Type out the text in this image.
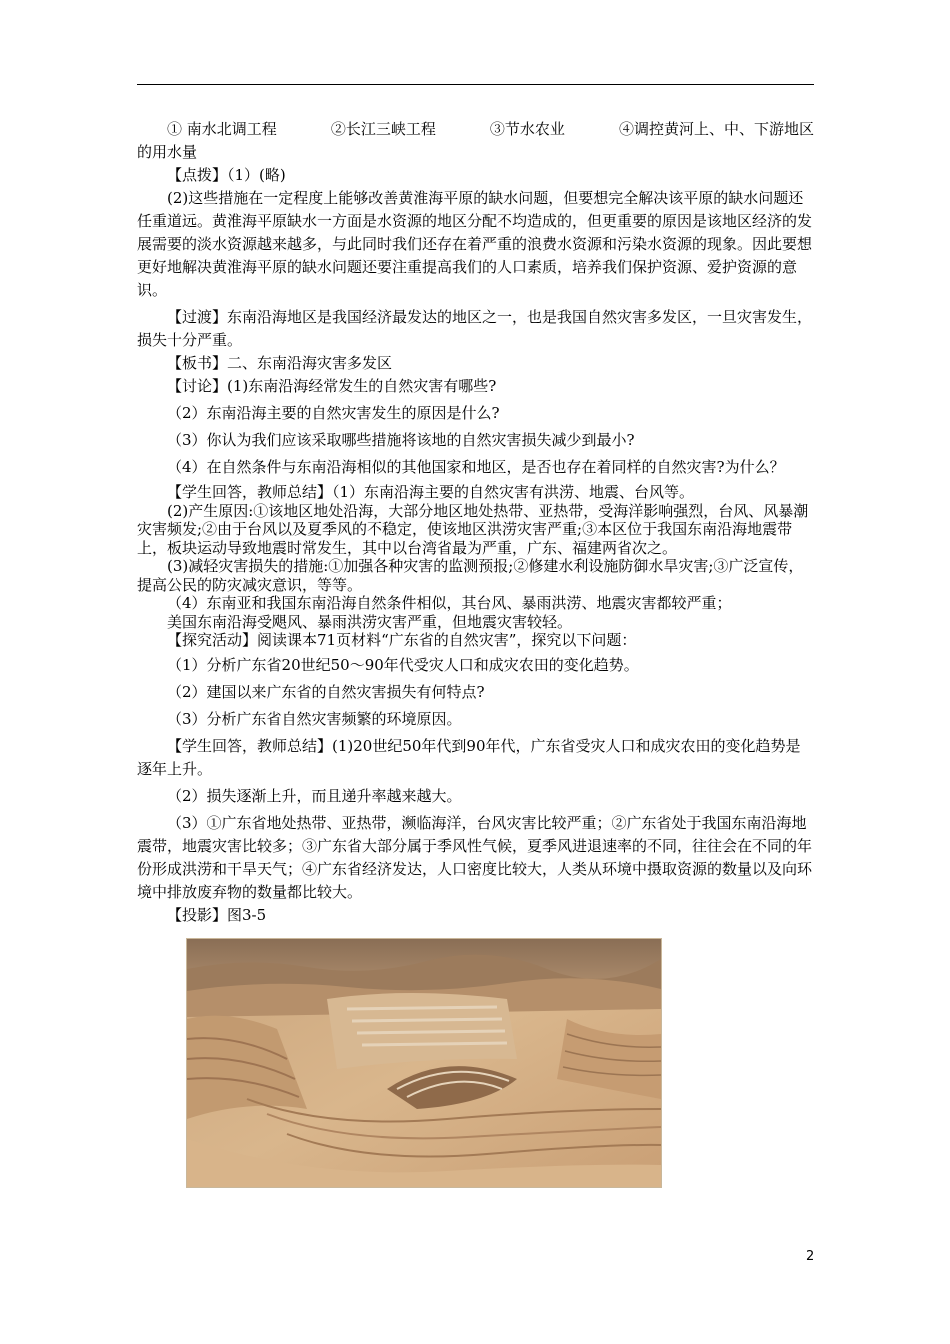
① 南水北调工程	②长江三峡工程	③节水农业	④调控黄河上、中、下游地区

的用水量

【点拨】（1）(略)

(2)这些措施在一定程度上能够改善黄淮海平原的缺水问题，但要想完全解决该平原的缺水问题还任重道远。黄淮海平原缺水一方面是水资源的地区分配不均造成的，但更重要的原因是该地区经济的发展需要的淡水资源越来越多，与此同时我们还存在着严重的浪费水资源和污染水资源的现象。因此要想更好地解决黄淮海平原的缺水问题还要注重提高我们的人口素质，培养我们保护资源、爱护资源的意识。

【过渡】东南沿海地区是我国经济最发达的地区之一，也是我国自然灾害多发区，一旦灾害发生，损失十分严重。

【板书】二、东南沿海灾害多发区

【讨论】(1)东南沿海经常发生的自然灾害有哪些?

（2）东南沿海主要的自然灾害发生的原因是什么?

（3）你认为我们应该采取哪些措施将该地的自然灾害损失减少到最小?

（4）在自然条件与东南沿海相似的其他国家和地区，是否也存在着同样的自然灾害?为什么？

【学生回答，教师总结】（1）东南沿海主要的自然灾害有洪涝、地震、台风等。

(2)产生原因:①该地区地处沿海，大部分地区地处热带、亚热带，受海洋影响强烈，台风、风暴潮灾害频发;②由于台风以及夏季风的不稳定，使该地区洪涝灾害严重;③本区位于我国东南沿海地震带上，板块运动导致地震时常发生，其中以台湾省最为严重，广东、福建两省次之。

(3)减轻灾害损失的措施:①加强各种灾害的监测预报;②修建水利设施防御水旱灾害;③广泛宣传，提高公民的防灾减灾意识，等等。

（4）东南亚和我国东南沿海自然条件相似，其台风、暴雨洪涝、地震灾害都较严重；

美国东南沿海受飓风、暴雨洪涝灾害严重，但地震灾害较轻。

【探究活动】阅读课本71页材料“广东省的自然灾害”，探究以下问题：

（1）分析广东省20世纪50～90年代受灾人口和成灾农田的变化趋势。

（2）建国以来广东省的自然灾害损失有何特点?

（3）分析广东省自然灾害频繁的环境原因。

【学生回答，教师总结】(1)20世纪50年代到90年代，广东省受灾人口和成灾农田的变化趋势是逐年上升。

（2）损失逐渐上升，而且递升率越来越大。

（3）①广东省地处热带、亚热带，濒临海洋，台风灾害比较严重；②广东省处于我国东南沿海地震带，地震灾害比较多；③广东省大部分属于季风性气候，夏季风进退速率的不同，往往会在不同的年份形成洪涝和干旱天气；④广东省经济发达，人口密度比较大，人类从环境中摄取资源的数量以及向环境中排放废弃物的数量都比较大。

【投影】图3-5

2
